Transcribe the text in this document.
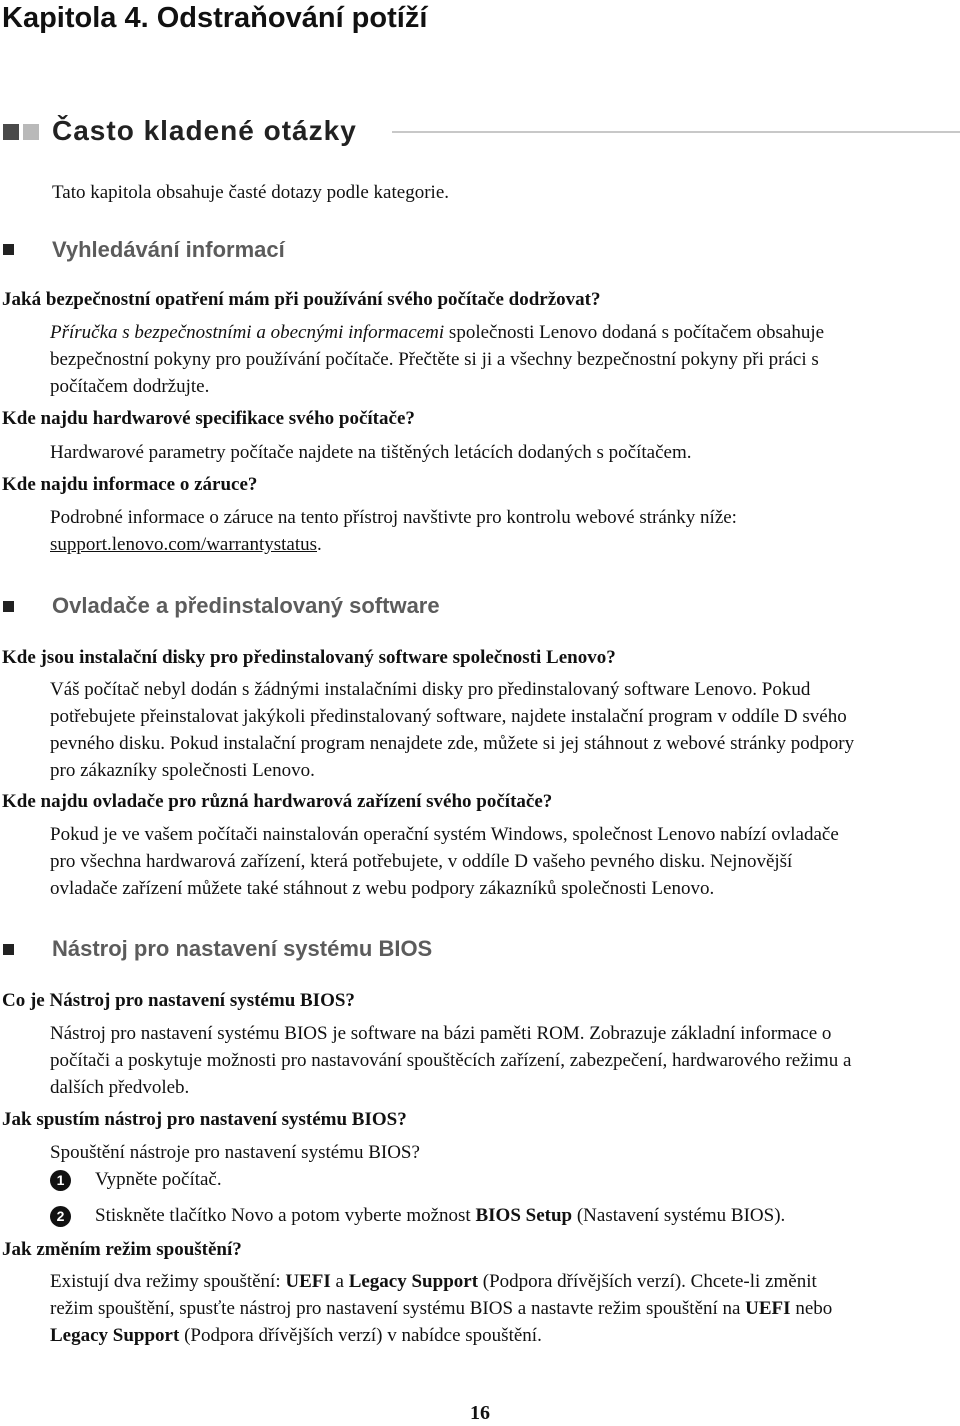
Kapitola 4. Odstraňování potíží
Často kladené otázky
Tato kapitola obsahuje časté dotazy podle kategorie.
Vyhledávání informací
Jaká bezpečnostní opatření mám při používání svého počítače dodržovat?
Příručka s bezpečnostními a obecnými informacemi společnosti Lenovo dodaná s počítačem obsahuje
bezpečnostní pokyny pro používání počítače. Přečtěte si ji a všechny bezpečnostní pokyny při práci s
počítačem dodržujte.
Kde najdu hardwarové specifikace svého počítače?
Hardwarové parametry počítače najdete na tištěných letácích dodaných s počítačem.
Kde najdu informace o záruce?
Podrobné informace o záruce na tento přístroj navštivte pro kontrolu webové stránky níže:
support.lenovo.com/warrantystatus.
Ovladače a předinstalovaný software
Kde jsou instalační disky pro předinstalovaný software společnosti Lenovo?
Váš počítač nebyl dodán s žádnými instalačními disky pro předinstalovaný software Lenovo. Pokud
potřebujete přeinstalovat jakýkoli předinstalovaný software, najdete instalační program v oddíle D svého
pevného disku. Pokud instalační program nenajdete zde, můžete si jej stáhnout z webové stránky podpory
pro zákazníky společnosti Lenovo.
Kde najdu ovladače pro různá hardwarová zařízení svého počítače?
Pokud je ve vašem počítači nainstalován operační systém Windows, společnost Lenovo nabízí ovladače
pro všechna hardwarová zařízení, která potřebujete, v oddíle D vašeho pevného disku. Nejnovější
ovladače zařízení můžete také stáhnout z webu podpory zákazníků společnosti Lenovo.
Nástroj pro nastavení systému BIOS
Co je Nástroj pro nastavení systému BIOS?
Nástroj pro nastavení systému BIOS je software na bázi paměti ROM. Zobrazuje základní informace o
počítači a poskytuje možnosti pro nastavování spouštěcích zařízení, zabezpečení, hardwarového režimu a
dalších předvoleb.
Jak spustím nástroj pro nastavení systému BIOS?
Spouštění nástroje pro nastavení systému BIOS?
1	Vypněte počítač.
2	Stiskněte tlačítko Novo a potom vyberte možnost BIOS Setup (Nastavení systému BIOS).
Jak změním režim spouštění?
Existují dva režimy spouštění: UEFI a Legacy Support (Podpora dřívějších verzí). Chcete-li změnit
režim spouštění, spusťte nástroj pro nastavení systému BIOS a nastavte režim spouštění na UEFI nebo
Legacy Support (Podpora dřívějších verzí) v nabídce spouštění.
16
